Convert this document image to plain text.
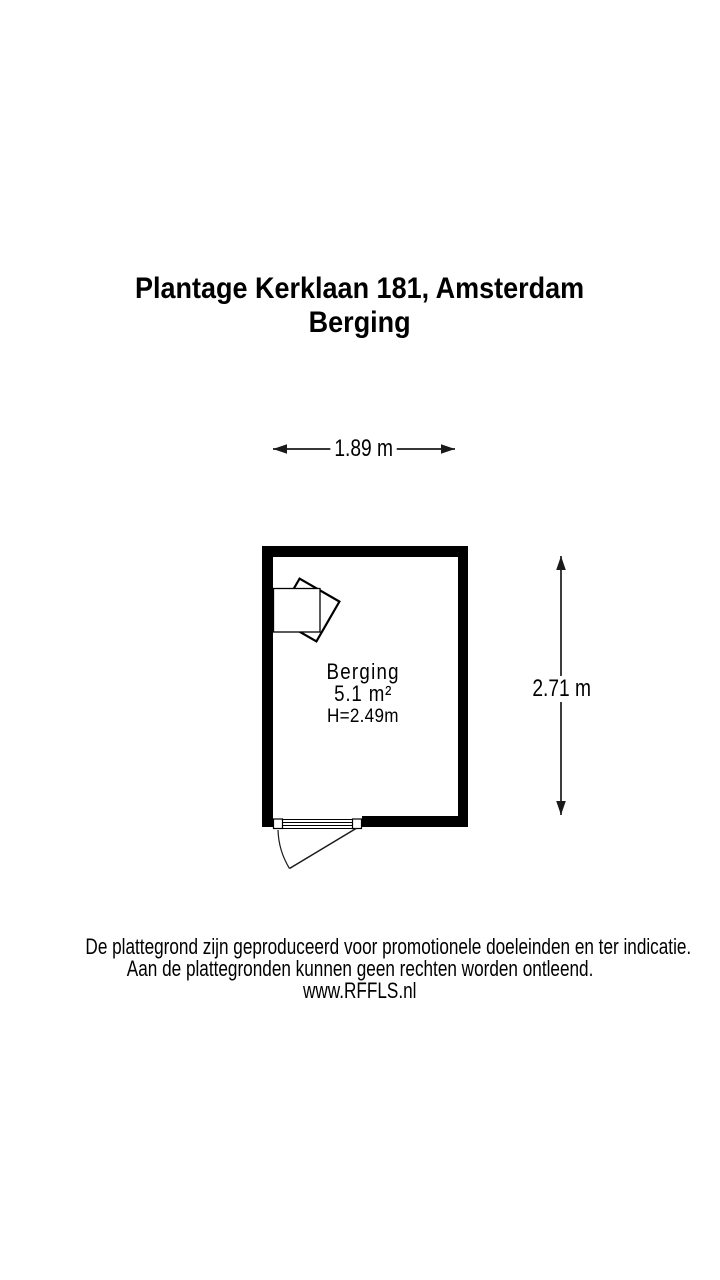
Plantage Kerklaan 181, Amsterdam
Berging
1.89 m
2.71 m
Berging
5.1 m²
H=2.49m
De plattegrond zijn geproduceerd voor promotionele doeleinden en ter indicatie.
Aan de plattegronden kunnen geen rechten worden ontleend.
www.RFFLS.nl
